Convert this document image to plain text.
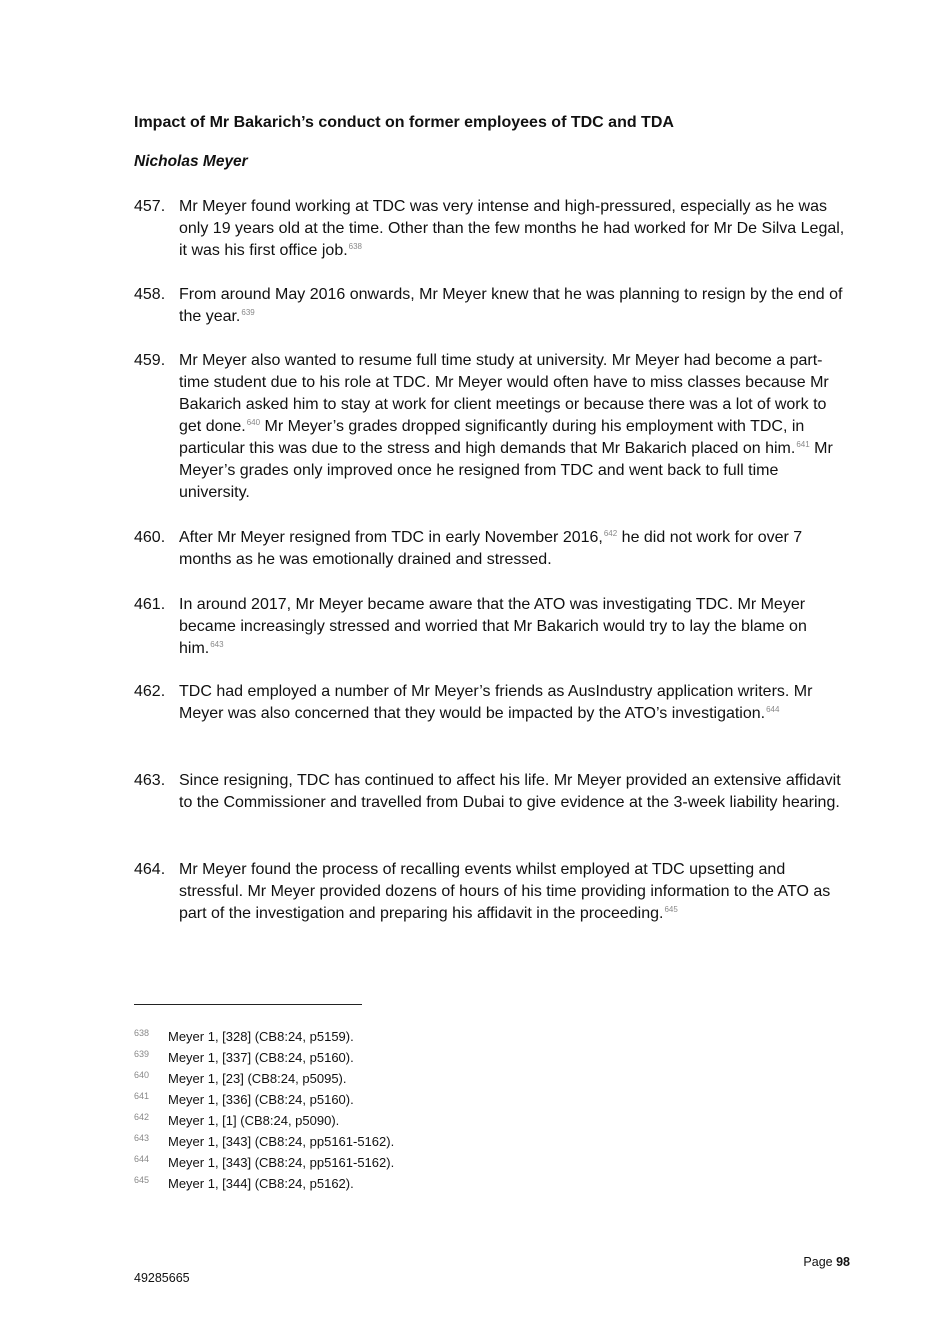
Impact of Mr Bakarich’s conduct on former employees of TDC and TDA
Nicholas Meyer
457. Mr Meyer found working at TDC was very intense and high-pressured, especially as he was only 19 years old at the time. Other than the few months he had worked for Mr De Silva Legal, it was his first office job.$^{638}$
458. From around May 2016 onwards, Mr Meyer knew that he was planning to resign by the end of the year.$^{639}$
459. Mr Meyer also wanted to resume full time study at university. Mr Meyer had become a part-time student due to his role at TDC. Mr Meyer would often have to miss classes because Mr Bakarich asked him to stay at work for client meetings or because there was a lot of work to get done.$^{640}$ Mr Meyer’s grades dropped significantly during his employment with TDC, in particular this was due to the stress and high demands that Mr Bakarich placed on him.$^{641}$ Mr Meyer’s grades only improved once he resigned from TDC and went back to full time university.
460. After Mr Meyer resigned from TDC in early November 2016,$^{642}$ he did not work for over 7 months as he was emotionally drained and stressed.
461. In around 2017, Mr Meyer became aware that the ATO was investigating TDC. Mr Meyer became increasingly stressed and worried that Mr Bakarich would try to lay the blame on him.$^{643}$
462. TDC had employed a number of Mr Meyer’s friends as AusIndustry application writers. Mr Meyer was also concerned that they would be impacted by the ATO’s investigation.$^{644}$
463. Since resigning, TDC has continued to affect his life. Mr Meyer provided an extensive affidavit to the Commissioner and travelled from Dubai to give evidence at the 3-week liability hearing.
464. Mr Meyer found the process of recalling events whilst employed at TDC upsetting and stressful. Mr Meyer provided dozens of hours of his time providing information to the ATO as part of the investigation and preparing his affidavit in the proceeding.$^{645}$
638 Meyer 1, [328] (CB8:24, p5159).
639 Meyer 1, [337] (CB8:24, p5160).
640 Meyer 1, [23] (CB8:24, p5095).
641 Meyer 1, [336] (CB8:24, p5160).
642 Meyer 1, [1] (CB8:24, p5090).
643 Meyer 1, [343] (CB8:24, pp5161-5162).
644 Meyer 1, [343] (CB8:24, pp5161-5162).
645 Meyer 1, [344] (CB8:24, p5162).
Page 98
49285665
